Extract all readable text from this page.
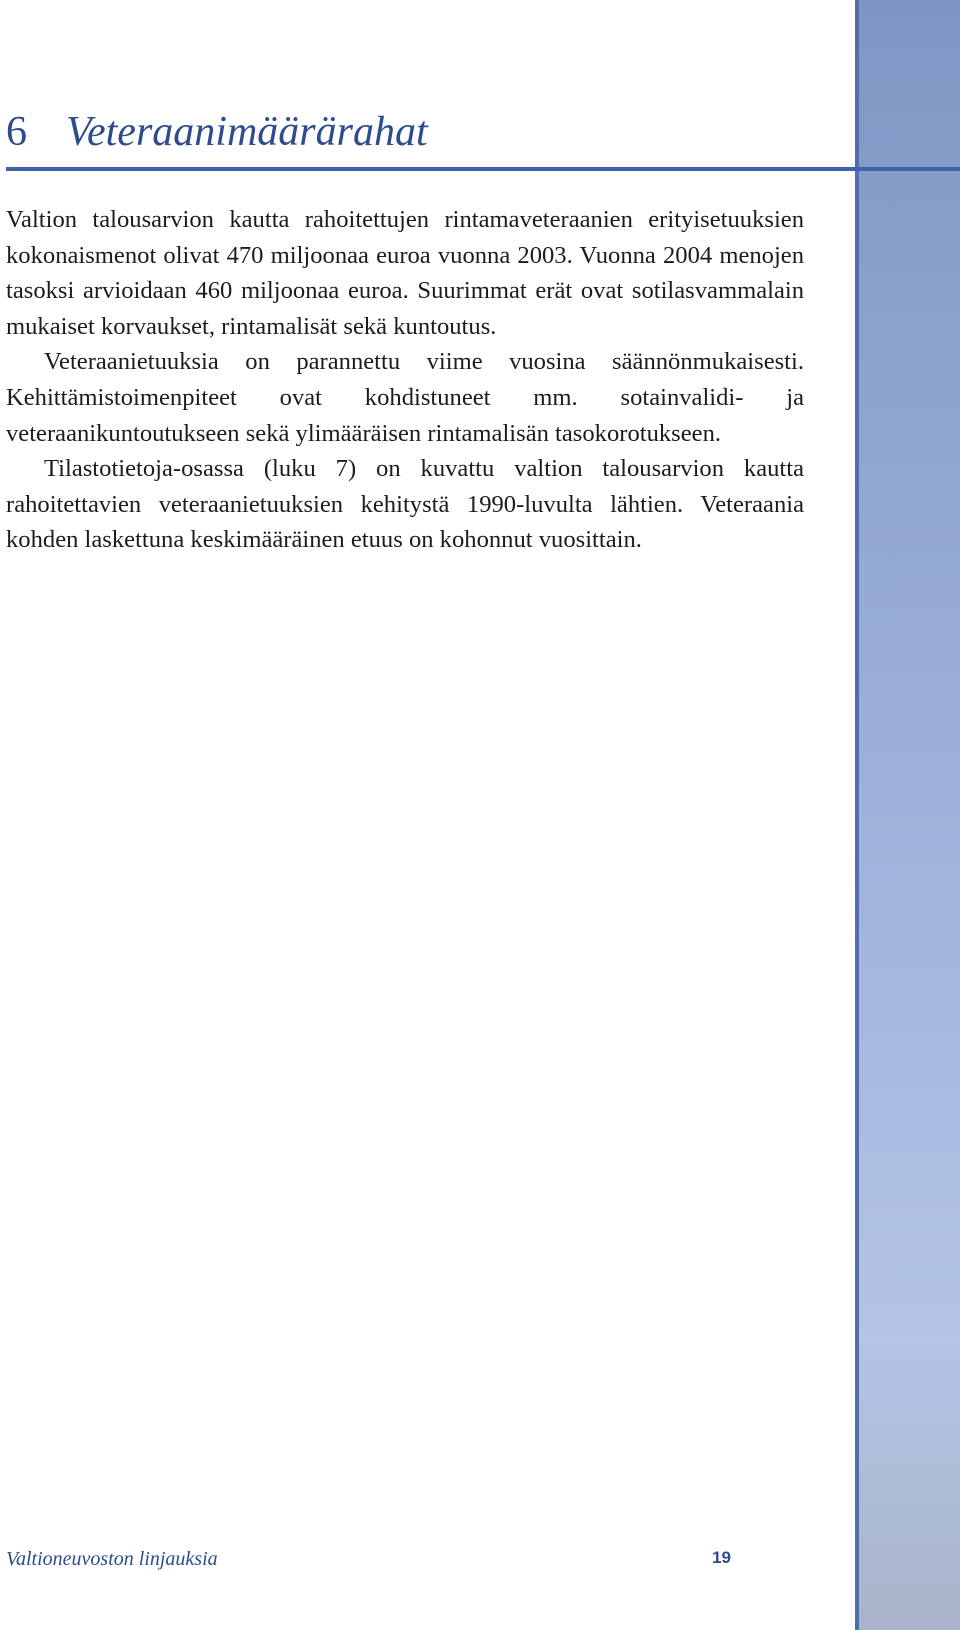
6 Veteraanimäärärahat

Valtion talousarvion kautta rahoitettujen rintamaveteraanien erityisetuuksien kokonaismenot olivat 470 miljoonaa euroa vuonna 2003. Vuonna 2004 menojen tasoksi arvioidaan 460 miljoonaa euroa. Suurimmat erät ovat sotilasvammalain mukaiset korvaukset, rintamalisät sekä kuntoutus.

Veteraanietuuksia on parannettu viime vuosina säännönmukaisesti. Kehittämistoimenpiteet ovat kohdistuneet mm. sotainvalidi- ja veteraanikuntoutukseen sekä ylimääräisen rintamalisän tasokorotukseen.

Tilastotietoja-osassa (luku 7) on kuvattu valtion talousarvion kautta rahoitettavien veteraanietuuksien kehitystä 1990-luvulta lähtien. Veteraania kohden laskettuna keskimääräinen etuus on kohonnut vuosittain.

Valtioneuvoston linjauksia	19
